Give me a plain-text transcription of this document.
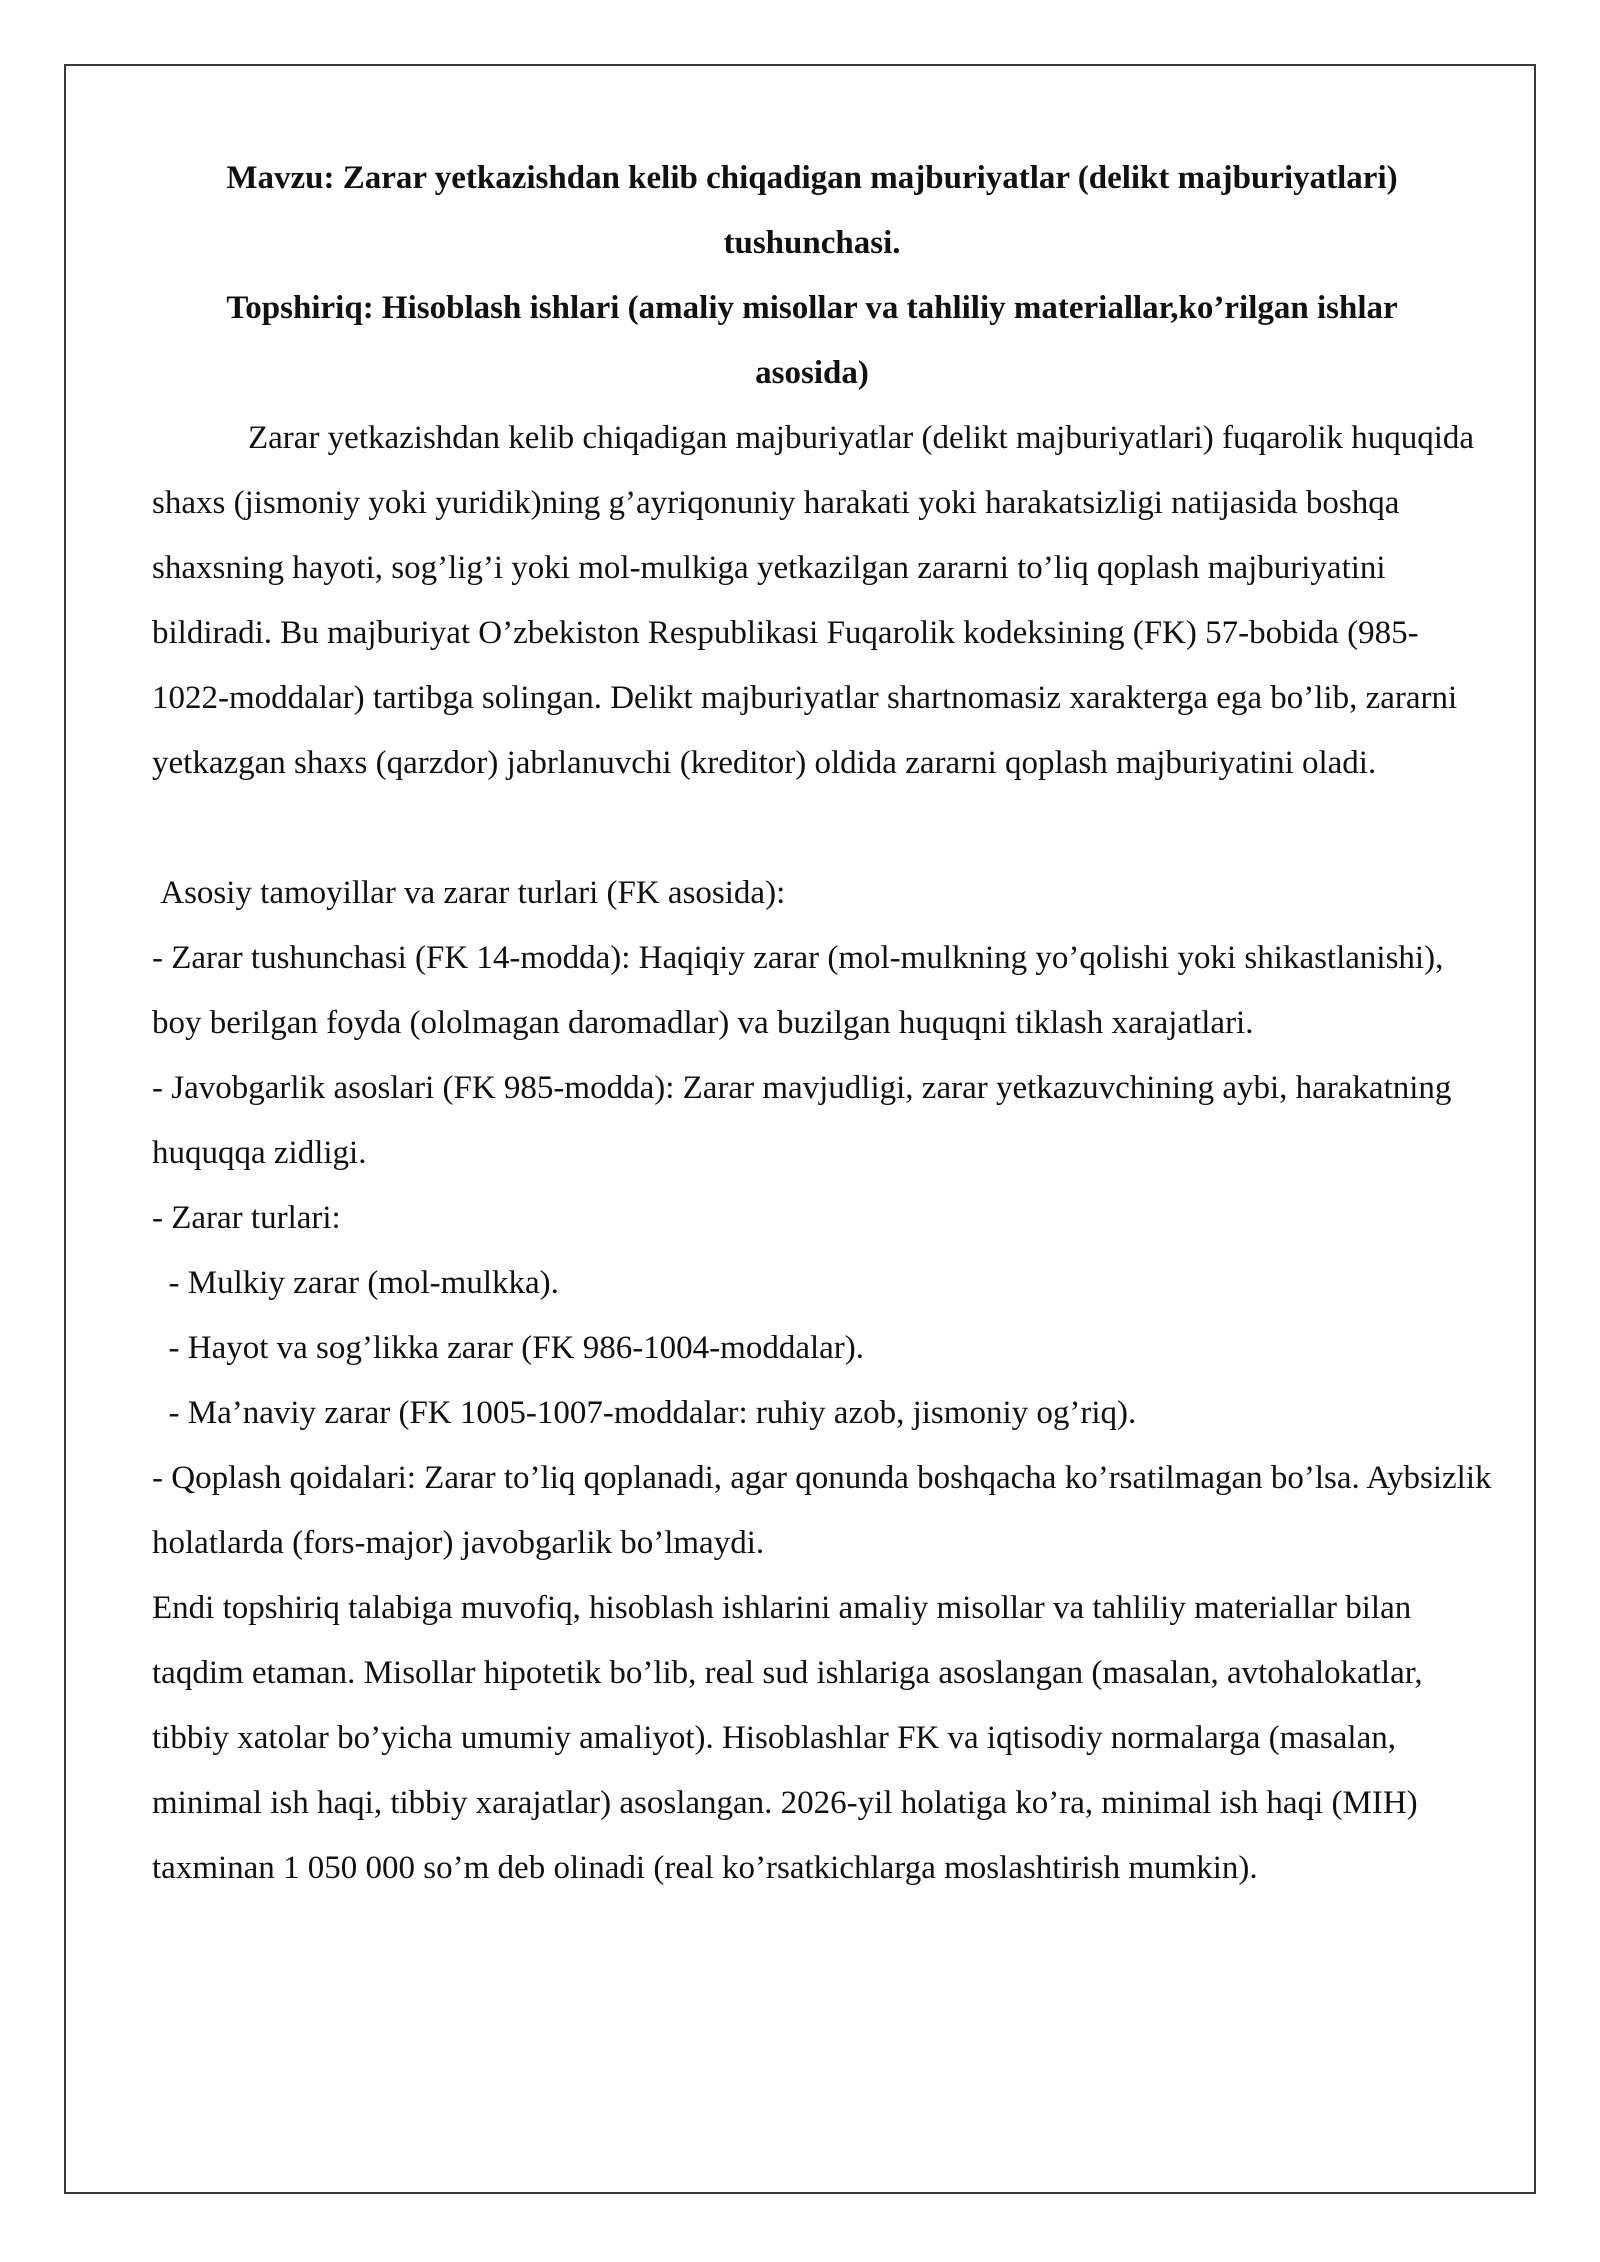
Mavzu: Zarar yetkazishdan kelib chiqadigan majburiyatlar (delikt majburiyatlari) tushunchasi.

Topshiriq: Hisoblash ishlari (amaliy misollar va tahliliy materiallar,ko’rilgan ishlar asosida)

Zarar yetkazishdan kelib chiqadigan majburiyatlar (delikt majburiyatlari) fuqarolik huquqida shaxs (jismoniy yoki yuridik)ning g’ayriqonuniy harakati yoki harakatsizligi natijasida boshqa shaxsning hayoti, sog’lig’i yoki mol-mulkiga yetkazilgan zararni to’liq qoplash majburiyatini bildiradi. Bu majburiyat O’zbekiston Respublikasi Fuqarolik kodeksining (FK) 57-bobida (985-1022-moddalar) tartibga solingan. Delikt majburiyatlar shartnomasiz xarakterga ega bo’lib, zararni yetkazgan shaxs (qarzdor) jabrlanuvchi (kreditor) oldida zararni qoplash majburiyatini oladi.

Asosiy tamoyillar va zarar turlari (FK asosida):

- Zarar tushunchasi (FK 14-modda): Haqiqiy zarar (mol-mulkning yo’qolishi yoki shikastlanishi), boy berilgan foyda (ololmagan daromadlar) va buzilgan huquqni tiklash xarajatlari.

- Javobgarlik asoslari (FK 985-modda): Zarar mavjudligi, zarar yetkazuvchining aybi, harakatning huquqqa zidligi.

- Zarar turlari:

- Mulkiy zarar (mol-mulkka).

- Hayot va sog’likka zarar (FK 986-1004-moddalar).

- Ma’naviy zarar (FK 1005-1007-moddalar: ruhiy azob, jismoniy og’riq).

- Qoplash qoidalari: Zarar to’liq qoplanadi, agar qonunda boshqacha ko’rsatilmagan bo’lsa. Aybsizlik holatlarda (fors-major) javobgarlik bo’lmaydi.

Endi topshiriq talabiga muvofiq, hisoblash ishlarini amaliy misollar va tahliliy materiallar bilan taqdim etaman. Misollar hipotetik bo’lib, real sud ishlariga asoslangan (masalan, avtohalokatlar, tibbiy xatolar bo’yicha umumiy amaliyot). Hisoblashlar FK va iqtisodiy normalarga (masalan, minimal ish haqi, tibbiy xarajatlar) asoslangan. 2026-yil holatiga ko’ra, minimal ish haqi (MIH) taxminan 1 050 000 so’m deb olinadi (real ko’rsatkichlarga moslashtirish mumkin).
